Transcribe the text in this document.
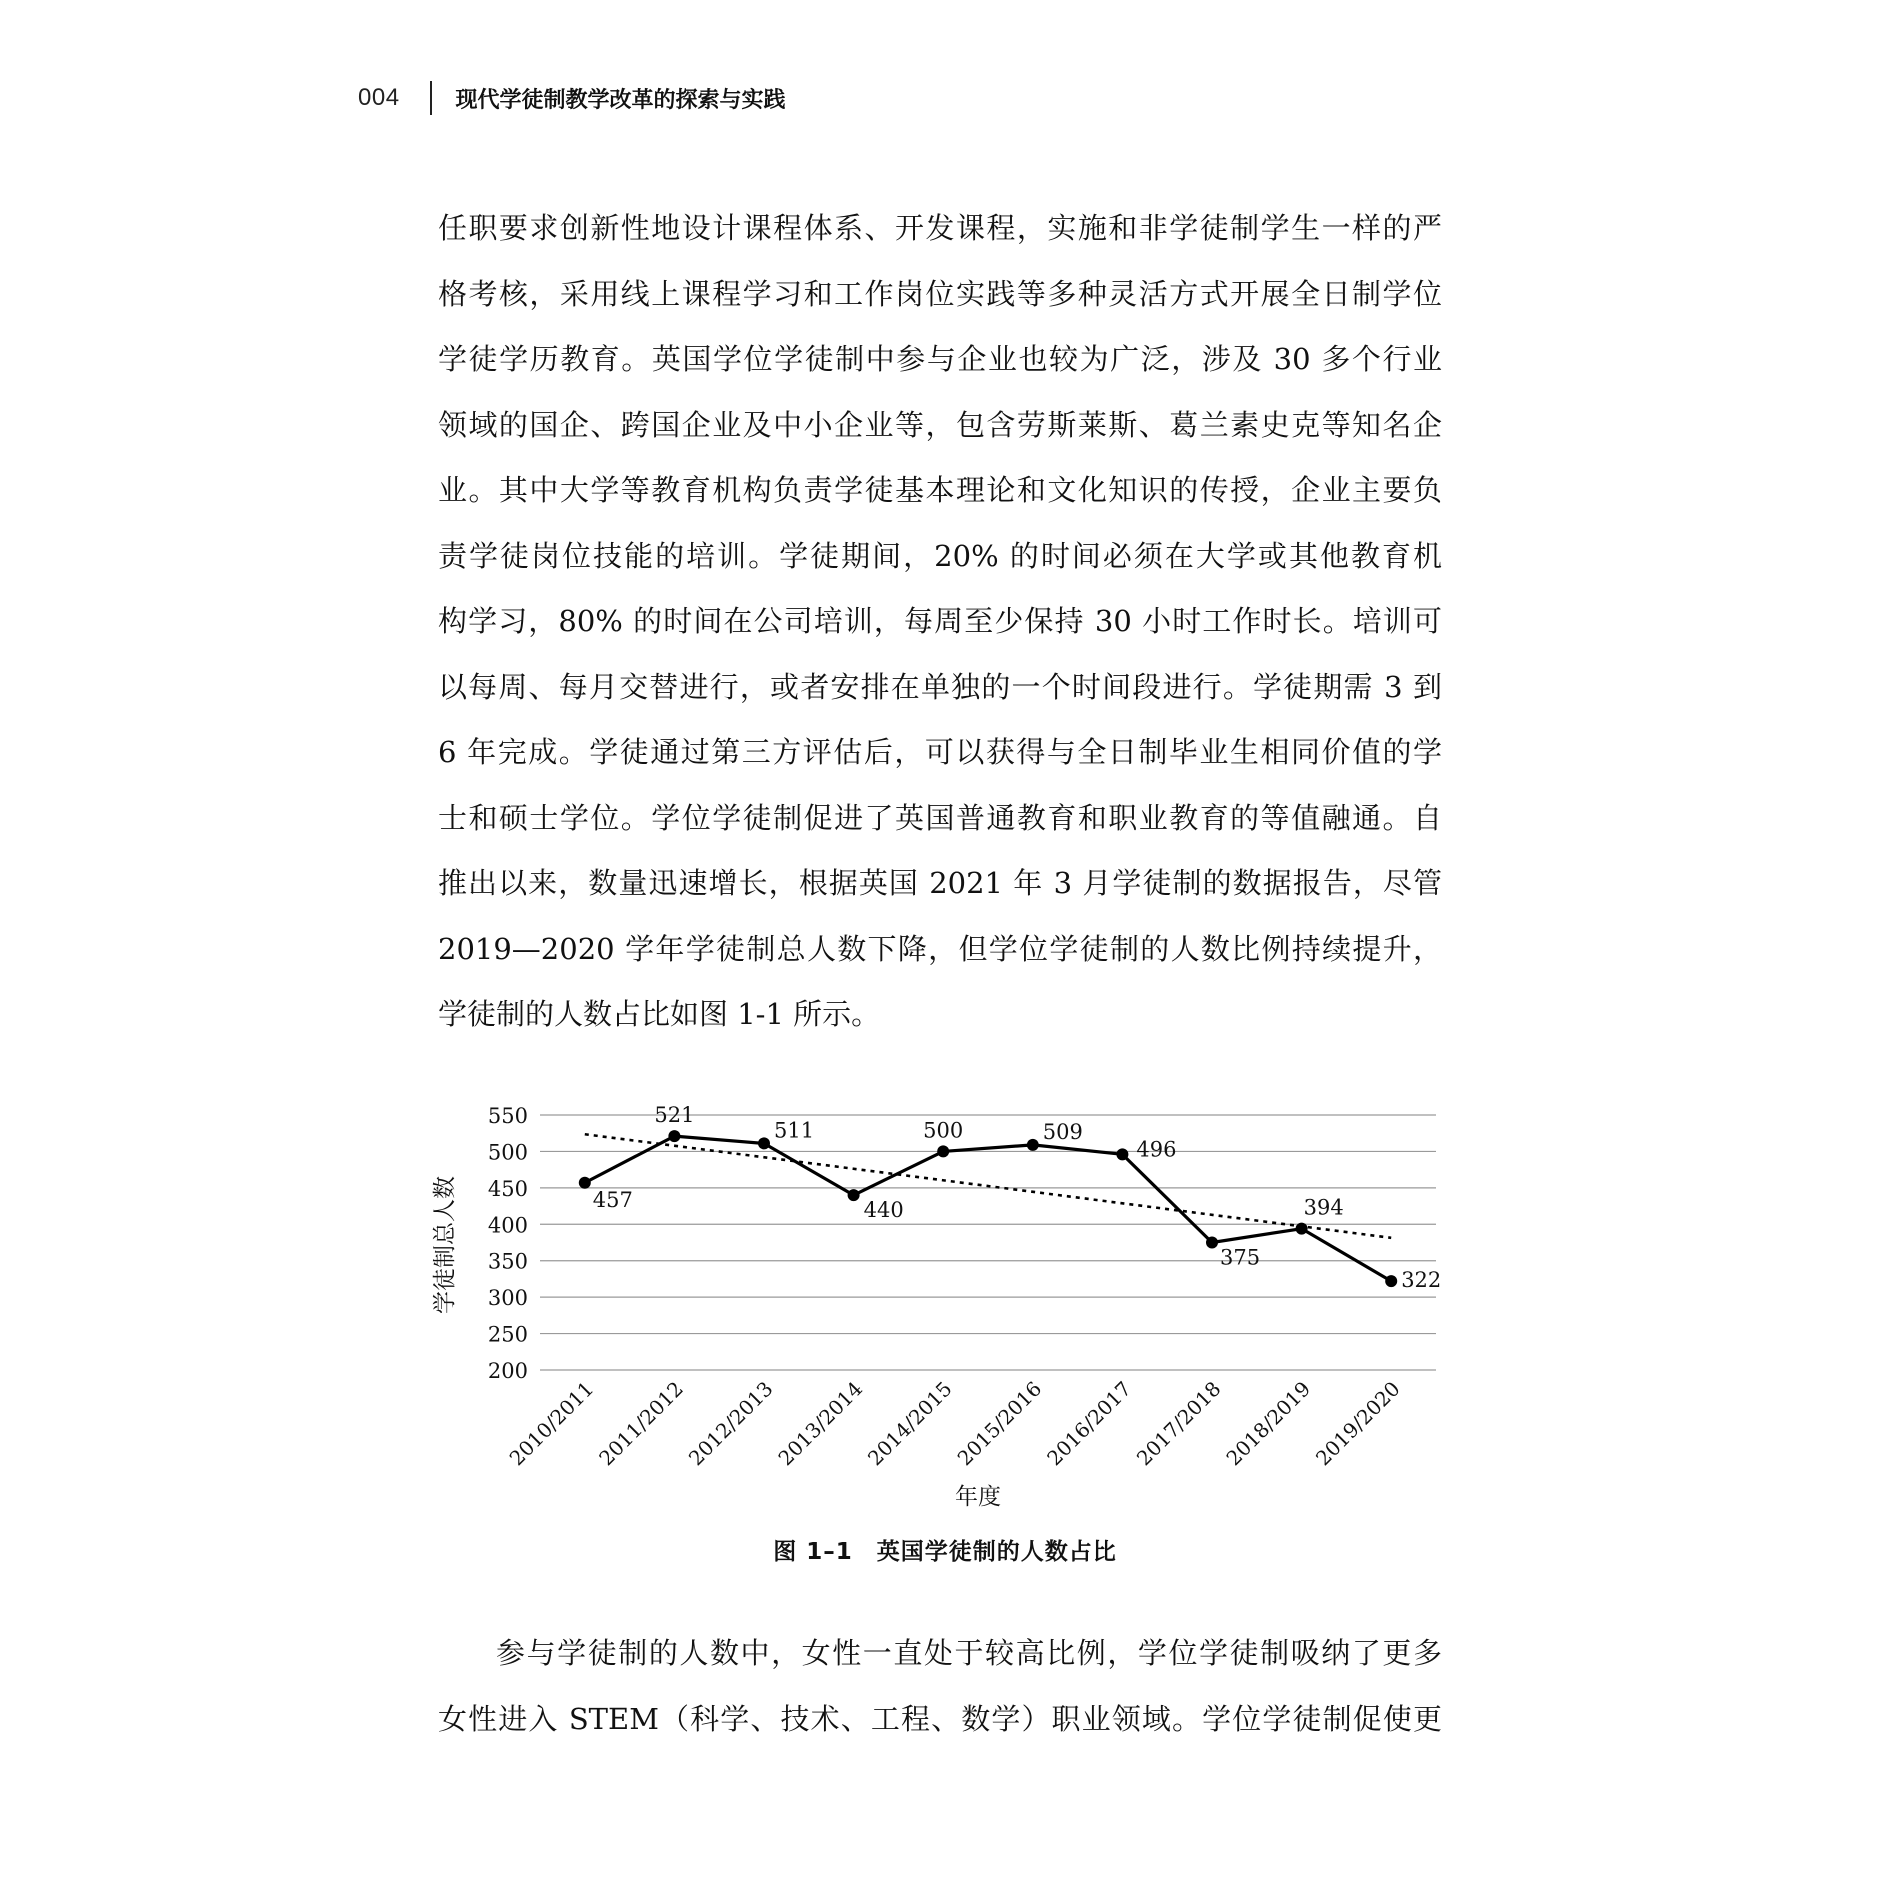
004	现代学徒制教学改革的探索与实践

任职要求创新性地设计课程体系、开发课程，实施和非学徒制学生一样的严

格考核，采用线上课程学习和工作岗位实践等多种灵活方式开展全日制学位

学徒学历教育。英国学位学徒制中参与企业也较为广泛，涉及 30 多个行业

领域的国企、跨国企业及中小企业等，包含劳斯莱斯、葛兰素史克等知名企

业。其中大学等教育机构负责学徒基本理论和文化知识的传授，企业主要负

责学徒岗位技能的培训。学徒期间，20% 的时间必须在大学或其他教育机

构学习，80% 的时间在公司培训，每周至少保持 30 小时工作时长。培训可

以每周、每月交替进行，或者安排在单独的一个时间段进行。学徒期需 3 到

6 年完成。学徒通过第三方评估后，可以获得与全日制毕业生相同价值的学

士和硕士学位。学位学徒制促进了英国普通教育和职业教育的等值融通。自

推出以来，数量迅速增长，根据英国 2021 年 3 月学徒制的数据报告，尽管

2019—2020 学年学徒制总人数下降，但学位学徒制的人数比例持续提升，

学徒制的人数占比如图 1-1 所示。

550
500
450
400
350
300
250
200
2010/2011
2011/2012
2012/2013
2013/2014
2014/2015
2015/2016
2016/2017
2017/2018
2018/2019
2019/2020
457
521
511
440
500	509
496
375
394
322
学徒制总人数
年度
图 1–1　英国学徒制的人数占比

参与学徒制的人数中，女性一直处于较高比例，学位学徒制吸纳了更多

女性进入 STEM（科学、技术、工程、数学）职业领域。学位学徒制促使更
